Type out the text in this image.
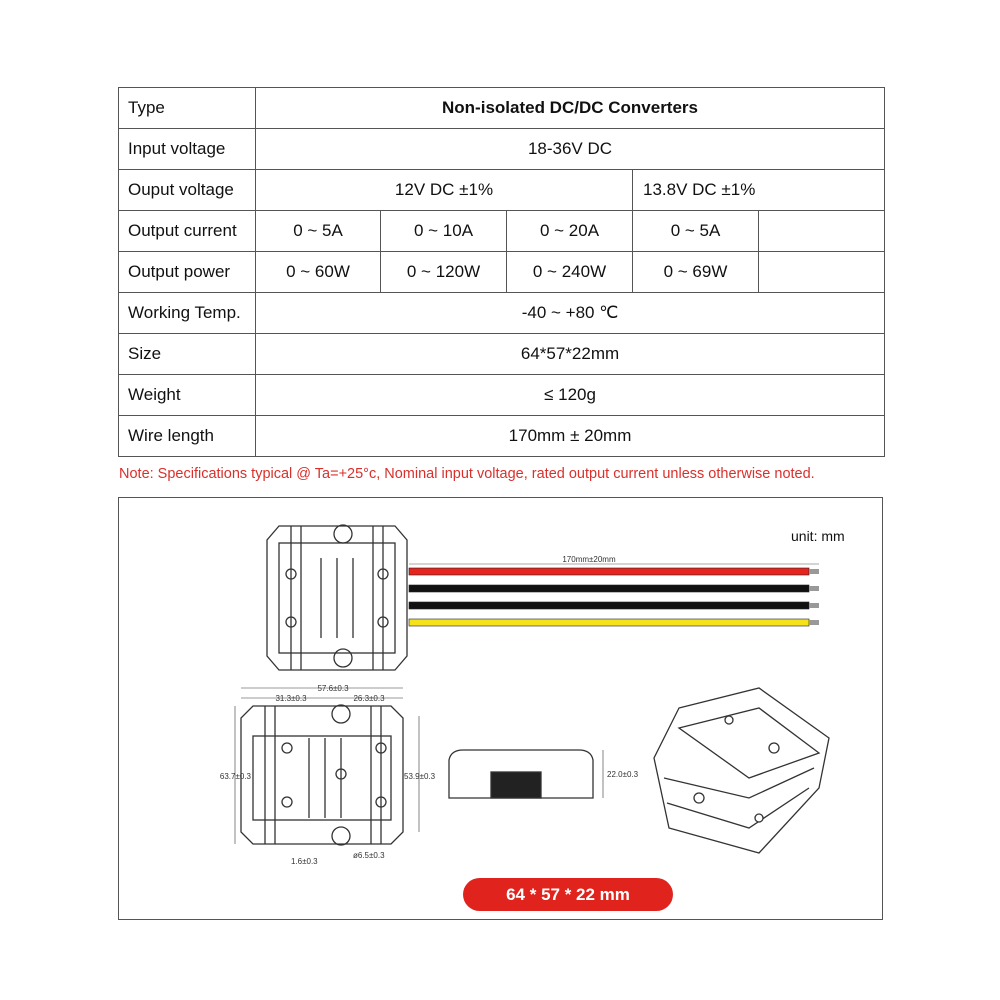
Type	Non-isolated DC/DC Converters				
Input voltage	18-36V DC				
Ouput voltage	12V DC ±1%			13.8V DC ±1%	
Output current	0 ~ 5A	0 ~ 10A	0 ~ 20A	0 ~ 5A	
Output power	0 ~ 60W	0 ~ 120W	0 ~ 240W	0 ~ 69W	
Working Temp.	-40 ~ +80 ℃				
Size	64*57*22mm				
Weight	≤ 120g				
Wire length	170mm ± 20mm				
Note: Specifications typical @ Ta=+25°c, Nominal input voltage, rated output current unless otherwise noted.
170mm±20mm
57.6±0.3
31.3±0.3	26.3±0.3
63.7±0.3	53.9±0.3
1.6±0.3
ø6.5±0.3
22.0±0.3
unit: mm
64 * 57 * 22 mm
